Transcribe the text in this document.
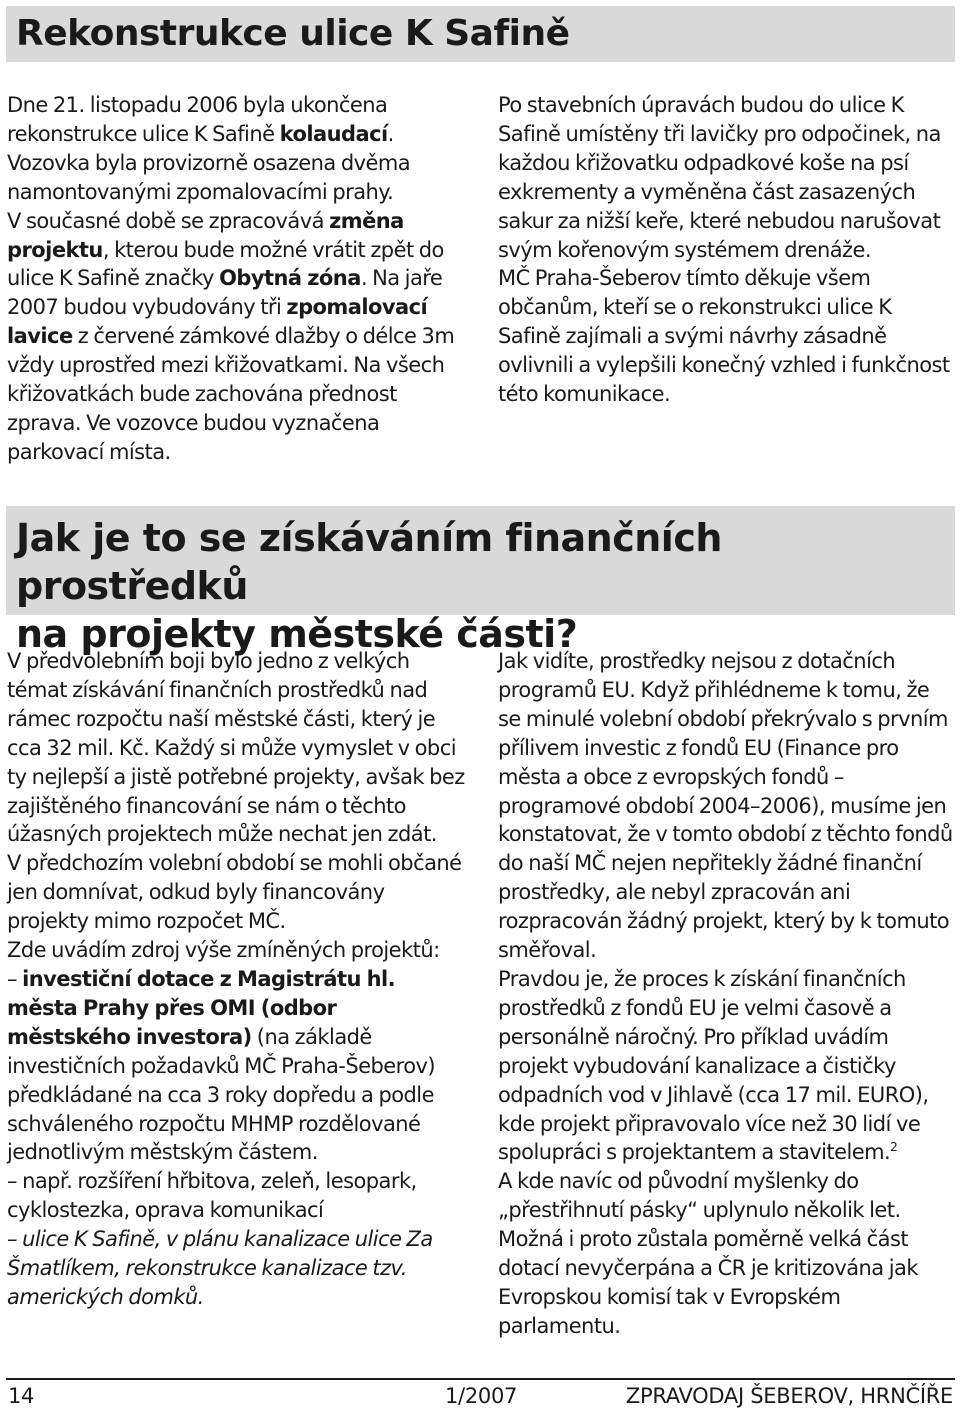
Rekonstrukce ulice K Safině

Dne 21. listopadu 2006 byla ukončena rekonstrukce ulice K Safině kolaudací. Vozovka byla provizorně osazena dvěma namontovanými zpomalovacími prahy.

V současné době se zpracovává změna projektu, kterou bude možné vrátit zpět do ulice K Safině značky Obytná zóna. Na jaře 2007 budou vybudovány tři zpomalovací lavice z červené zámkové dlažby o délce 3m vždy uprostřed mezi křižovatkami. Na všech křižovatkách bude zachována přednost zprava. Ve vozovce budou vyznačena parkovací místa.

Po stavebních úpravách budou do ulice K Safině umístěny tři lavičky pro odpočinek, na každou křižovatku odpadkové koše na psí exkrementy a vyměněna část zasazených sakur za nižší keře, které nebudou narušovat svým kořenovým systémem drenáže.

MČ Praha-Šeberov tímto děkuje všem občanům, kteří se o rekonstrukci ulice K Safině zajímali a svými návrhy zásadně ovlivnili a vylepšili konečný vzhled i funkčnost této komunikace.

Jak je to se získáváním finančních prostředků
na projekty městské části?

V předvolebním boji bylo jedno z velkých témat získávání finančních prostředků nad rámec rozpočtu naší městské části, který je cca 32 mil. Kč. Každý si může vymyslet v obci ty nejlepší a jistě potřebné projekty, avšak bez zajištěného financování se nám o těchto úžasných projektech může nechat jen zdát.

V předchozím volební období se mohli občané jen domnívat, odkud byly financovány projekty mimo rozpočet MČ.

Zde uvádím zdroj výše zmíněných projektů:

– investiční dotace z Magistrátu hl. města Prahy přes OMI (odbor městského investora) (na základě investičních požadavků MČ Praha-Šeberov) předkládané na cca 3 roky dopředu a podle schváleného rozpočtu MHMP rozdělované jednotlivým městským částem.

– např. rozšíření hřbitova, zeleň, lesopark, cyklostezka, oprava komunikací

– ulice K Safině, v plánu kanalizace ulice Za Šmatlíkem, rekonstrukce kanalizace tzv. amerických domků.

Jak vidíte, prostředky nejsou z dotačních programů EU. Když přihlédneme k tomu, že se minulé volební období překrývalo s prvním přílivem investic z fondů EU (Finance pro města a obce z evropských fondů – programové období 2004–2006), musíme jen konstatovat, že v tomto období z těchto fondů do naší MČ nejen nepřitekly žádné finanční prostředky, ale nebyl zpracován ani rozpracován žádný projekt, který by k tomuto směřoval.

Pravdou je, že proces k získání finančních prostředků z fondů EU je velmi časově a personálně náročný. Pro příklad uvádím projekt vybudování kanalizace a čističky odpadních vod v Jihlavě (cca 17 mil. EURO), kde projekt připravovalo více než 30 lidí ve spolupráci s projektantem a stavitelem.$^2$

A kde navíc od původní myšlenky do „přestřihnutí pásky“ uplynulo několik let. Možná i proto zůstala poměrně velká část dotací nevyčerpána a ČR je kritizována jak Evropskou komisí tak v Evropském parlamentu.

14	1/2007	ZPRAVODAJ ŠEBEROV, HRNČÍŘE
